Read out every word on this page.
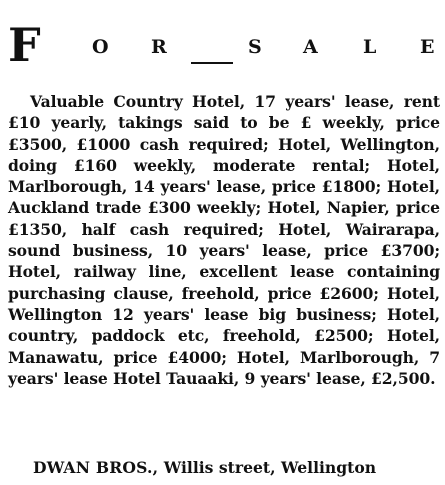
F	O R	S A L E

Valuable Country Hotel, 17 years' lease, rent £10 yearly, takings said to be £ weekly, price £3500, £1000 cash required; Hotel, Wellington, doing £160 weekly, moderate rental; Hotel, Marlborough, 14 years' lease, price £1800; Hotel, Auckland trade £300 weekly; Hotel, Napier, price £1350, half cash required; Hotel, Wairarapa, sound business, 10 years' lease, price £3700; Hotel, railway line, excellent lease containing purchasing clause, freehold, price £2600; Hotel, Wellington 12 years' lease big business; Hotel, country, paddock etc, freehold, £2500; Hotel, Manawatu, price £4000; Hotel, Marlborough, 7 years' lease Hotel Tauaaki, 9 years' lease, £2,500.

DWAN BROS., Willis street, Wellington
